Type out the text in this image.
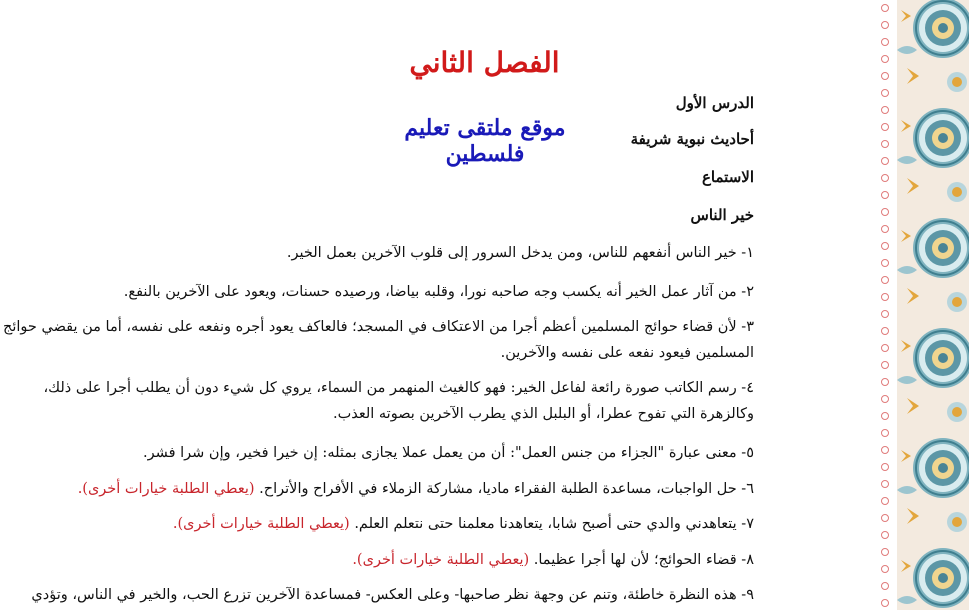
الفصل الثاني
موقع ملتقى تعليم فلسطين

الدرس الأول

أحاديث نبوية شريفة

الاستماع

خير الناس

١- خير الناس أنفعهم للناس، ومن يدخل السرور إلى قلوب الآخرين بعمل الخير.

٢- من آثار عمل الخير أنه يكسب وجه صاحبه نورا، وقلبه بياضا، ورصيده حسنات، ويعود على الآخرين بالنفع.

٣- لأن قضاء حوائج المسلمين أعظم أجرا من الاعتكاف في المسجد؛ فالعاكف يعود أجره ونفعه على نفسه، أما من يقضي حوائج المسلمين فيعود نفعه على نفسه والآخرين.

٤- رسم الكاتب صورة رائعة لفاعل الخير: فهو كالغيث المنهمر من السماء، يروي كل شيء دون أن يطلب أجرا على ذلك، وكالزهرة التي تفوح عطرا، أو البلبل الذي يطرب الآخرين بصوته العذب.

٥- معنى عبارة "الجزاء من جنس العمل": أن من يعمل عملا يجازى بمثله: إن خيرا فخير، وإن شرا فشر.

٦- حل الواجبات، مساعدة الطلبة الفقراء ماديا، مشاركة الزملاء في الأفراح والأتراح. (يعطي الطلبة خيارات أخرى).

٧- يتعاهدني والدي حتى أصبح شابا، يتعاهدنا معلمنا حتى نتعلم العلم. (يعطي الطلبة خيارات أخرى).

٨- قضاء الحوائج؛ لأن لها أجرا عظيما. (يعطي الطلبة خيارات أخرى).

٩- هذه النظرة خاطئة، وتنم عن وجهة نظر صاحبها- وعلى العكس- فمساعدة الآخرين تزرع الحب، والخير في الناس، وتؤدي
